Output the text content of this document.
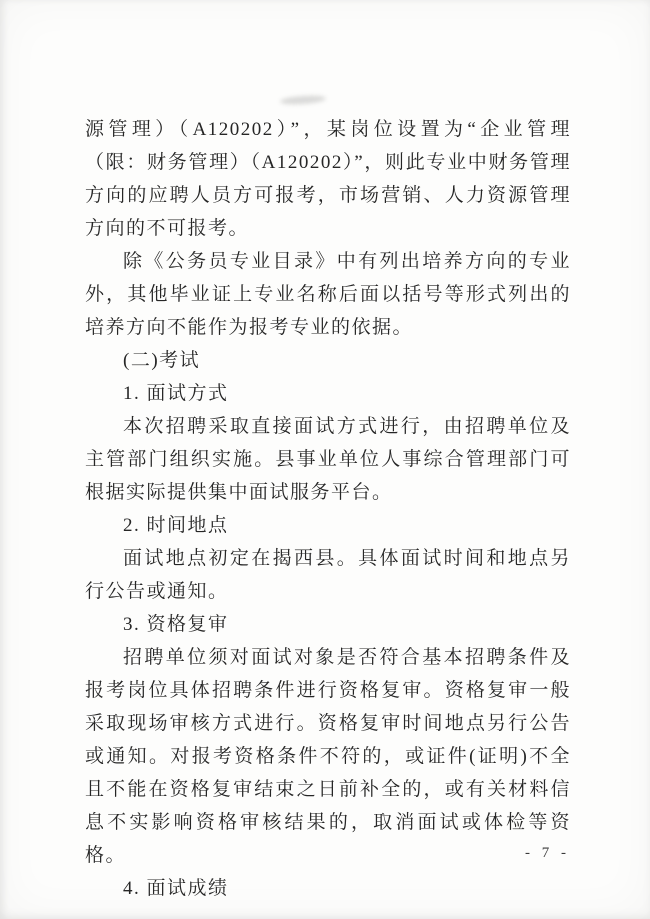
源管理）（A120202）”，某岗位设置为“企业管理（限：财务管理）（A120202）”，则此专业中财务管理方向的应聘人员方可报考，市场营销、人力资源管理方向的不可报考。

除《公务员专业目录》中有列出培养方向的专业外，其他毕业证上专业名称后面以括号等形式列出的培养方向不能作为报考专业的依据。

(二)考试

1. 面试方式

本次招聘采取直接面试方式进行，由招聘单位及主管部门组织实施。县事业单位人事综合管理部门可根据实际提供集中面试服务平台。

2. 时间地点

面试地点初定在揭西县。具体面试时间和地点另行公告或通知。

3. 资格复审

招聘单位须对面试对象是否符合基本招聘条件及报考岗位具体招聘条件进行资格复审。资格复审一般采取现场审核方式进行。资格复审时间地点另行公告或通知。对报考资格条件不符的，或证件(证明)不全且不能在资格复审结束之日前补全的，或有关材料信息不实影响资格审核结果的，取消面试或体检等资格。

4. 面试成绩

- 7 -
